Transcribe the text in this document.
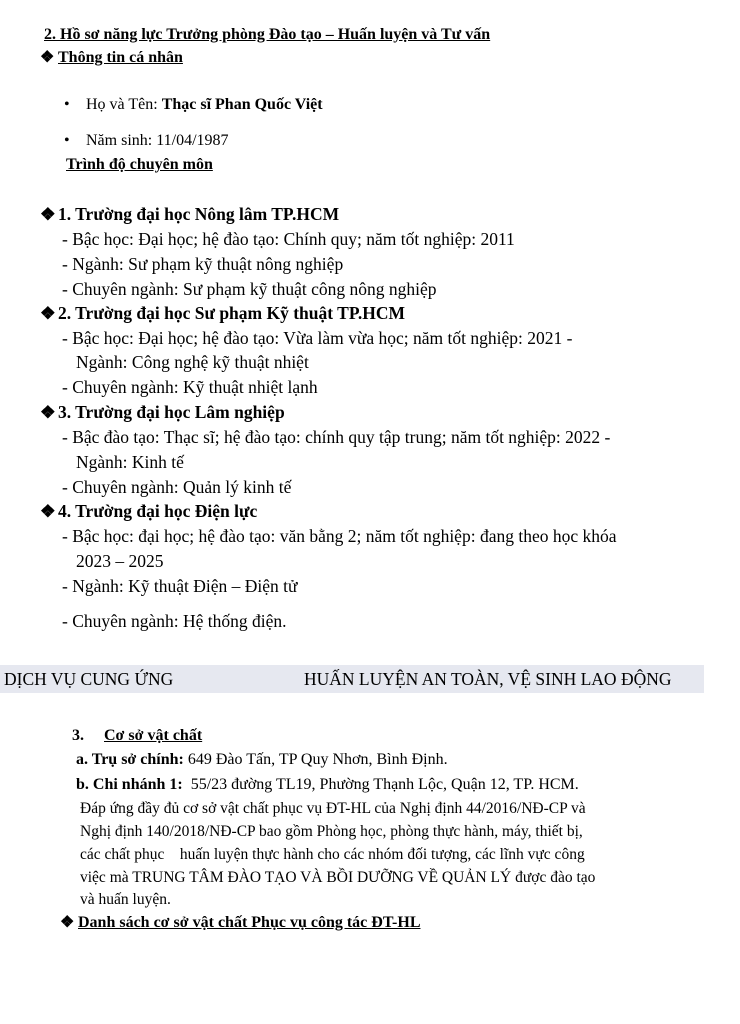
2. Hồ sơ năng lực Trưởng phòng Đào tạo – Huấn luyện và Tư vấn
❖ Thông tin cá nhân
• Họ và Tên: Thạc sĩ Phan Quốc Việt
• Năm sinh: 11/04/1987
Trình độ chuyên môn
❖ 1. Trường đại học Nông lâm TP.HCM
- Bậc học: Đại học; hệ đào tạo: Chính quy; năm tốt nghiệp: 2011
- Ngành: Sư phạm kỹ thuật nông nghiệp
- Chuyên ngành: Sư phạm kỹ thuật công nông nghiệp
❖ 2. Trường đại học Sư phạm Kỹ thuật TP.HCM
- Bậc học: Đại học; hệ đào tạo: Vừa làm vừa học; năm tốt nghiệp: 2021 -
Ngành: Công nghệ kỹ thuật nhiệt
- Chuyên ngành: Kỹ thuật nhiệt lạnh
❖ 3. Trường đại học Lâm nghiệp
- Bậc đào tạo: Thạc sĩ; hệ đào tạo: chính quy tập trung; năm tốt nghiệp: 2022 -
Ngành: Kinh tế
- Chuyên ngành: Quản lý kinh tế
❖ 4. Trường đại học Điện lực
- Bậc học: đại học; hệ đào tạo: văn bằng 2; năm tốt nghiệp: đang theo học khóa
2023 – 2025
- Ngành: Kỹ thuật Điện – Điện tử
- Chuyên ngành: Hệ thống điện.
DỊCH VỤ CUNG ỨNG	HUẤN LUYỆN AN TOÀN, VỆ SINH LAO ĐỘNG
3. Cơ sở vật chất
a. Trụ sở chính: 649 Đào Tấn, TP Quy Nhơn, Bình Định.
b. Chi nhánh 1:  55/23 đường TL19, Phường Thạnh Lộc, Quận 12, TP. HCM.
Đáp ứng đầy đủ cơ sở vật chất phục vụ ĐT-HL của Nghị định 44/2016/NĐ-CP và
Nghị định 140/2018/NĐ-CP bao gồm Phòng học, phòng thực hành, máy, thiết bị,
các chất phục    huấn luyện thực hành cho các nhóm đối tượng, các lĩnh vực công
việc mà TRUNG TÂM ĐÀO TẠO VÀ BỒI DƯỠNG VỀ QUẢN LÝ được đào tạo
và huấn luyện.
❖ Danh sách cơ sở vật chất Phục vụ công tác ĐT-HL
